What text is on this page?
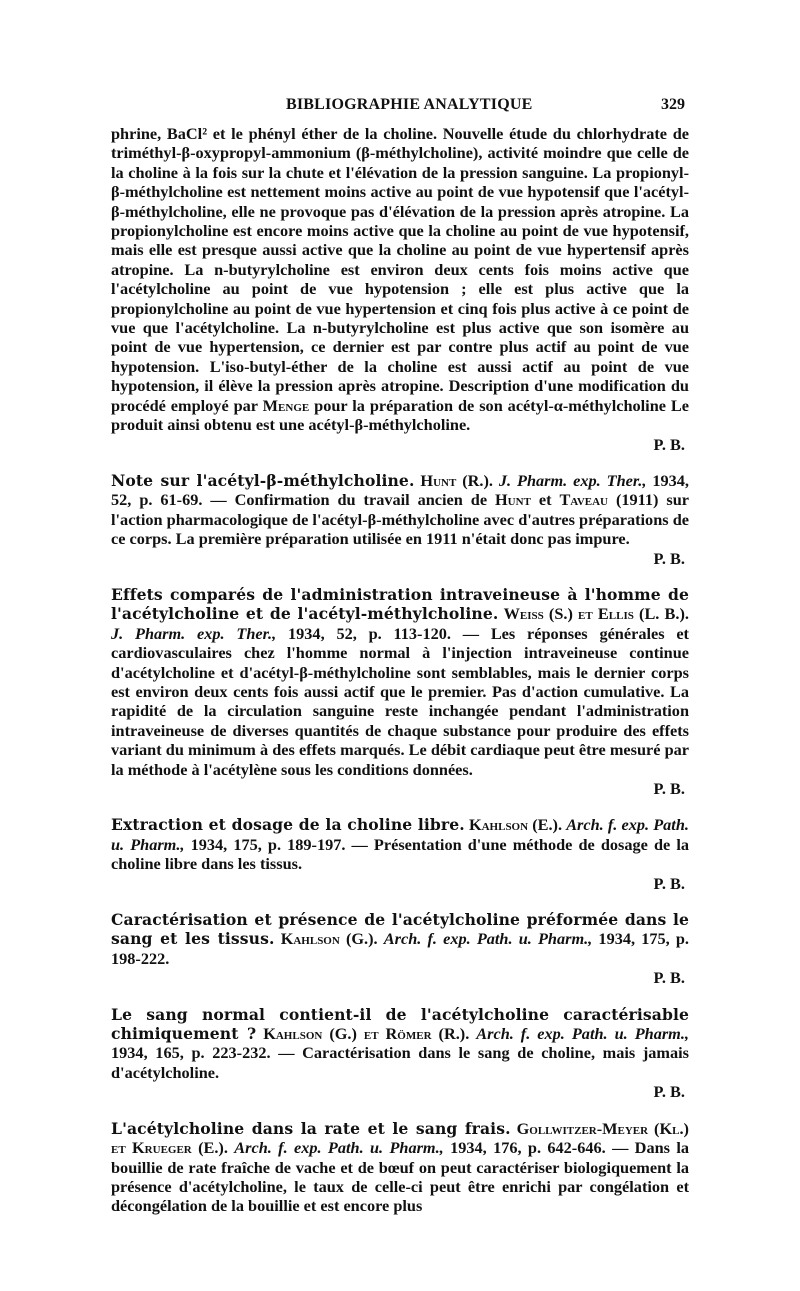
BIBLIOGRAPHIE ANALYTIQUE	329

phrine, BaCl² et le phényl éther de la choline. Nouvelle étude du chlorhydrate de triméthyl-β-oxypropyl-ammonium (β-méthylcholine), activité moindre que celle de la choline à la fois sur la chute et l'élévation de la pression sanguine. La propionyl-β-méthylcholine est nettement moins active au point de vue hypotensif que l'acétyl-β-méthylcholine, elle ne provoque pas d'élévation de la pression après atropine. La propionylcholine est encore moins active que la choline au point de vue hypotensif, mais elle est presque aussi active que la choline au point de vue hypertensif après atropine. La n-butyrylcholine est environ deux cents fois moins active que l'acétylcholine au point de vue hypotension ; elle est plus active que la propionylcholine au point de vue hypertension et cinq fois plus active à ce point de vue que l'acétylcholine. La n-butyrylcholine est plus active que son isomère au point de vue hypertension, ce dernier est par contre plus actif au point de vue hypotension. L'iso-butyl-éther de la choline est aussi actif au point de vue hypotension, il élève la pression après atropine. Description d'une modification du procédé employé par Menge pour la préparation de son acétyl-α-méthylcholine Le produit ainsi obtenu est une acétyl-β-méthylcholine.

P. B.

Note sur l'acétyl-β-méthylcholine. Hunt (R.). J. Pharm. exp. Ther., 1934, 52, p. 61-69. — Confirmation du travail ancien de Hunt et Taveau (1911) sur l'action pharmacologique de l'acétyl-β-méthylcholine avec d'autres préparations de ce corps. La première préparation utilisée en 1911 n'était donc pas impure.

P. B.

Effets comparés de l'administration intraveineuse à l'homme de l'acétylcholine et de l'acétyl-méthylcholine. Weiss (S.) et Ellis (L. B.). J. Pharm. exp. Ther., 1934, 52, p. 113-120. — Les réponses générales et cardiovasculaires chez l'homme normal à l'injection intraveineuse continue d'acétylcholine et d'acétyl-β-méthylcholine sont semblables, mais le dernier corps est environ deux cents fois aussi actif que le premier. Pas d'action cumulative. La rapidité de la circulation sanguine reste inchangée pendant l'administration intraveineuse de diverses quantités de chaque substance pour produire des effets variant du minimum à des effets marqués. Le débit cardiaque peut être mesuré par la méthode à l'acétylène sous les conditions données.

P. B.

Extraction et dosage de la choline libre. Kahlson (E.). Arch. f. exp. Path. u. Pharm., 1934, 175, p. 189-197. — Présentation d'une méthode de dosage de la choline libre dans les tissus.

P. B.

Caractérisation et présence de l'acétylcholine préformée dans le sang et les tissus. Kahlson (G.). Arch. f. exp. Path. u. Pharm., 1934, 175, p. 198-222.

P. B.

Le sang normal contient-il de l'acétylcholine caractérisable chimiquement ? Kahlson (G.) et Römer (R.). Arch. f. exp. Path. u. Pharm., 1934, 165, p. 223-232. — Caractérisation dans le sang de choline, mais jamais d'acétylcholine.

P. B.

L'acétylcholine dans la rate et le sang frais. Gollwitzer-Meyer (Kl.) et Krueger (E.). Arch. f. exp. Path. u. Pharm., 1934, 176, p. 642-646. — Dans la bouillie de rate fraîche de vache et de bœuf on peut caractériser biologiquement la présence d'acétylcholine, le taux de celle-ci peut être enrichi par congélation et décongélation de la bouillie et est encore plus
